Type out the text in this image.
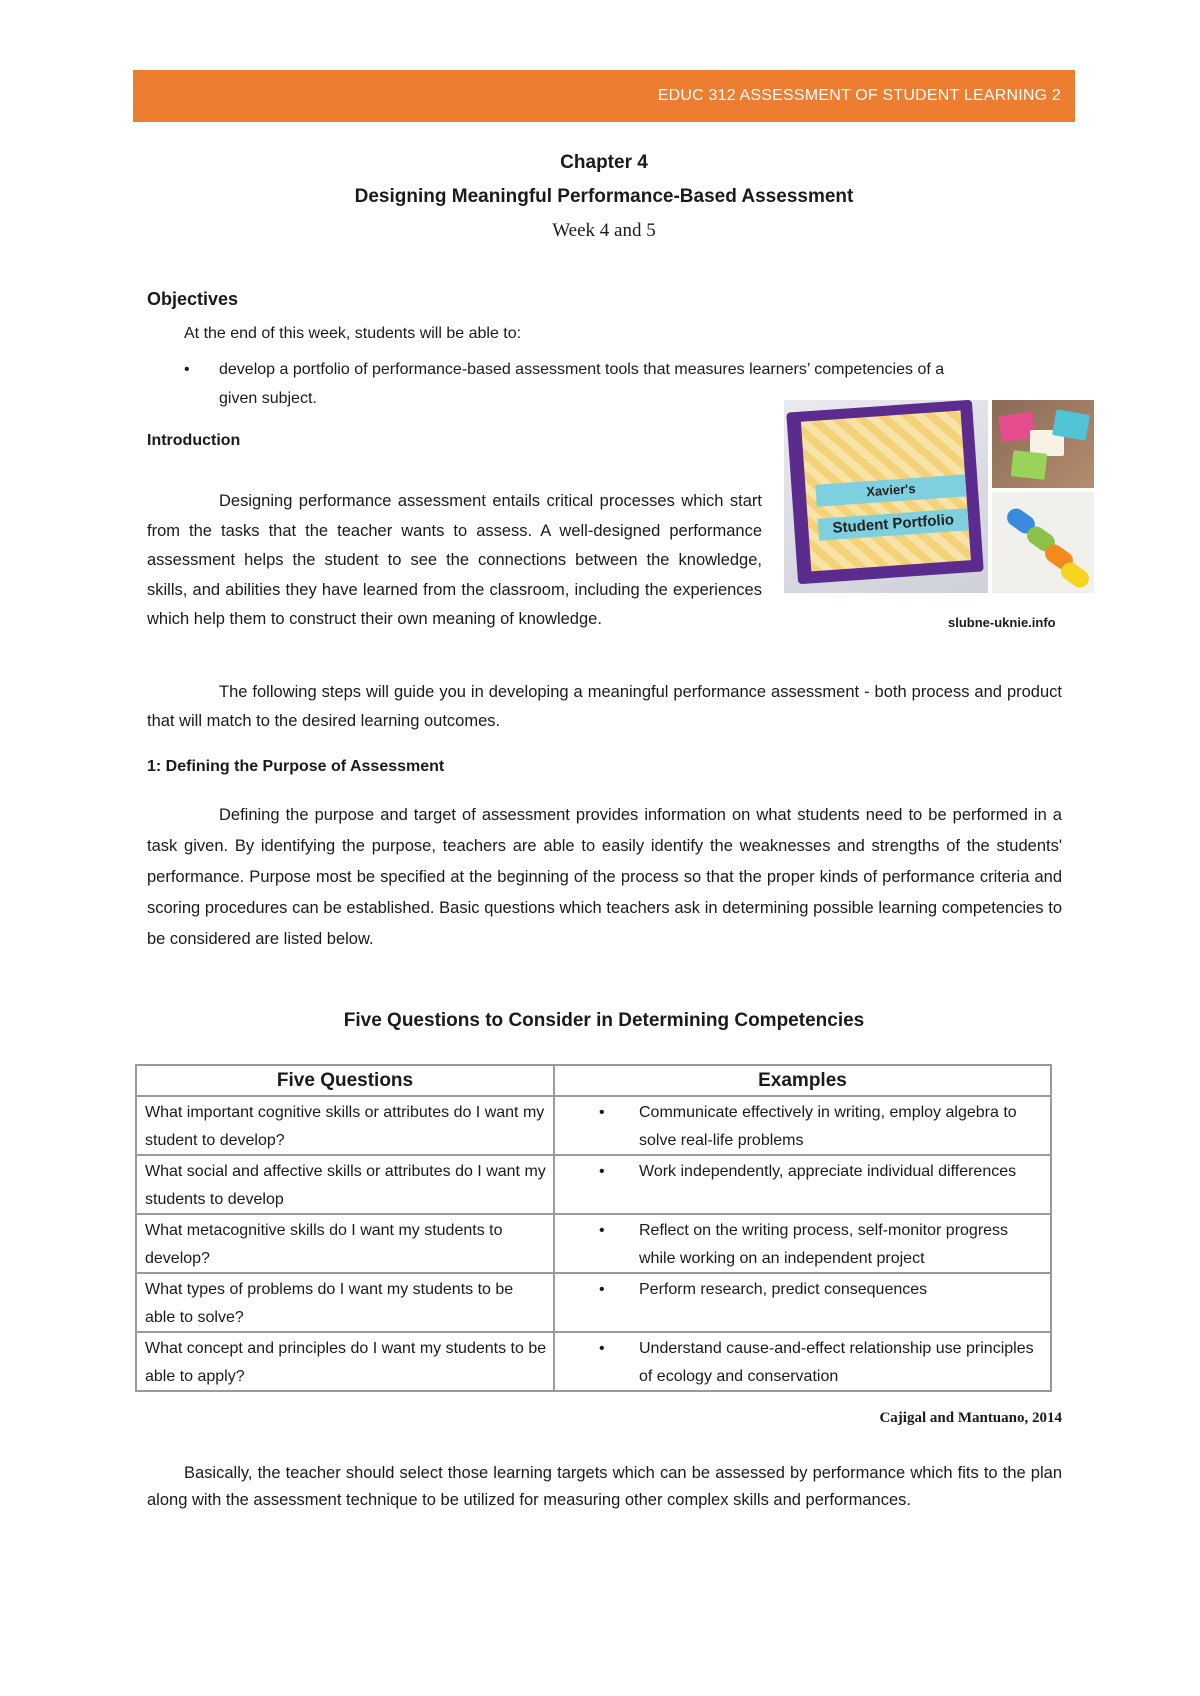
EDUC 312 ASSESSMENT OF STUDENT LEARNING 2
Chapter 4
Designing Meaningful Performance-Based Assessment
Week 4 and 5
Objectives
At the end of this week, students will be able to:
• develop a portfolio of performance-based assessment tools that measures learners’ competencies of a given subject.
Introduction

Designing performance assessment entails critical processes which start from the tasks that the teacher wants to assess. A well-designed performance assessment helps the student to see the connections between the knowledge, skills, and abilities they have learned from the classroom, including the experiences which help them to construct their own meaning of knowledge.

Xavier's
Student Portfolio
slubne-uknie.info

The following steps will guide you in developing a meaningful performance assessment - both process and product that will match to the desired learning outcomes.

1: Defining the Purpose of Assessment

Defining the purpose and target of assessment provides information on what students need to be performed in a task given. By identifying the purpose, teachers are able to easily identify the weaknesses and strengths of the students' performance. Purpose most be specified at the beginning of the process so that the proper kinds of performance criteria and scoring procedures can be established. Basic questions which teachers ask in determining possible learning competencies to be considered are listed below.

Five Questions to Consider in Determining Competencies
Five Questions	Examples
What important cognitive skills or attributes do I want my student to develop?	• Communicate effectively in writing, employ algebra to solve real-life problems
What social and affective skills or attributes do I want my students to develop	• Work independently, appreciate individual differences
What metacognitive skills do I want my students to develop?	• Reflect on the writing process, self-monitor progress while working on an independent project
What types of problems do I want my students to be able to solve?	• Perform research, predict consequences
What concept and principles do I want my students to be able to apply?	• Understand cause-and-effect relationship use principles of ecology and conservation
Cajigal and Mantuano, 2014

Basically, the teacher should select those learning targets which can be assessed by performance which fits to the plan along with the assessment technique to be utilized for measuring other complex skills and performances.
